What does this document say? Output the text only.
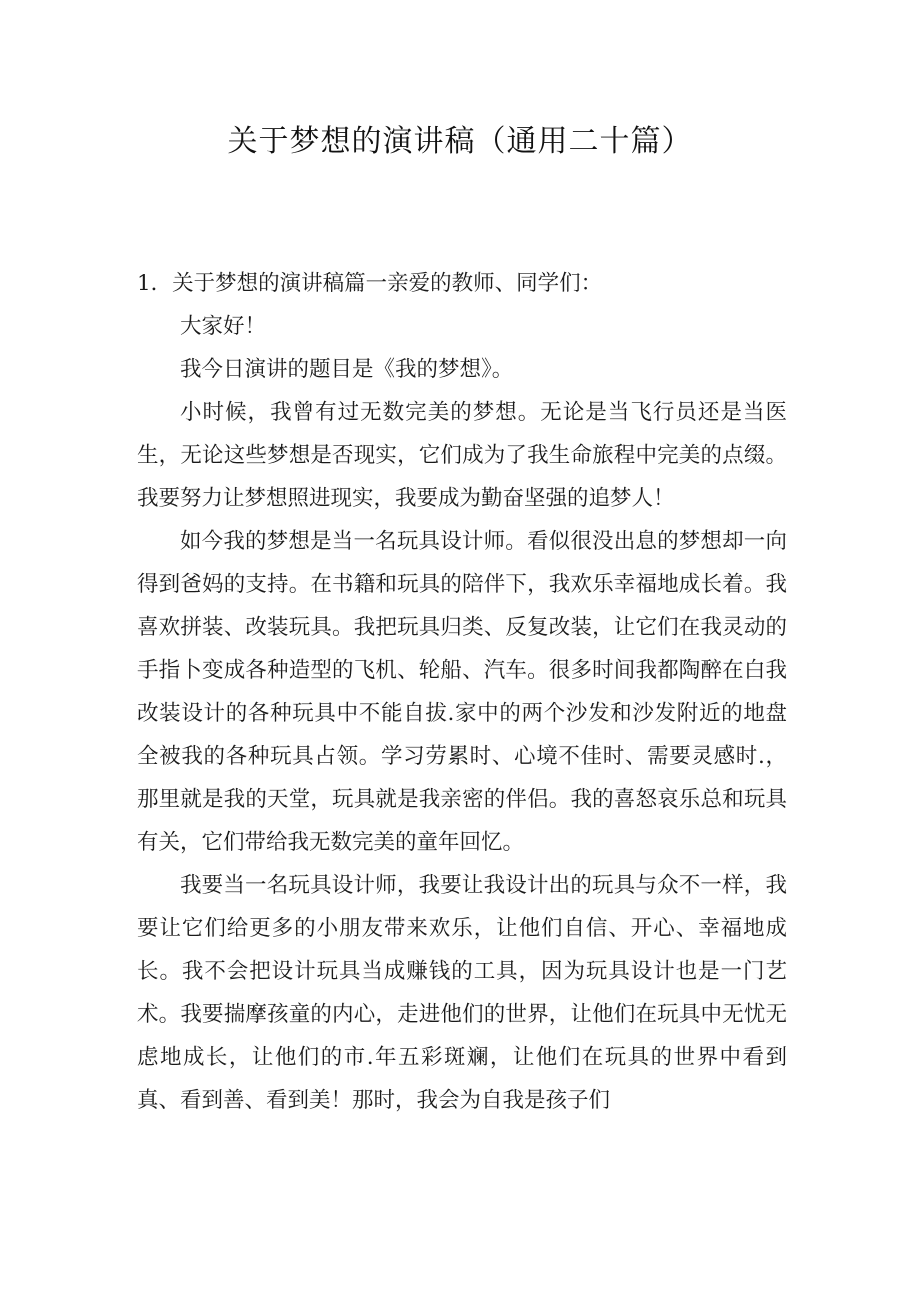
关于梦想的演讲稿（通用二十篇）

1．关于梦想的演讲稿篇一亲爱的教师、同学们：

大家好！

我今日演讲的题目是《我的梦想》。

小时候，我曾有过无数完美的梦想。无论是当飞行员还是当医生，无论这些梦想是否现实，它们成为了我生命旅程中完美的点缀。我要努力让梦想照进现实，我要成为勤奋坚强的追梦人！

如今我的梦想是当一名玩具设计师。看似很没出息的梦想却一向得到爸妈的支持。在书籍和玩具的陪伴下，我欢乐幸福地成长着。我喜欢拼装、改装玩具。我把玩具归类、反复改装，让它们在我灵动的手指卜变成各种造型的飞机、轮船、汽车。很多时间我都陶醉在白我改装设计的各种玩具中不能自拔.家中的两个沙发和沙发附近的地盘全被我的各种玩具占领。学习劳累时、心境不佳时、需要灵感时.，那里就是我的天堂，玩具就是我亲密的伴侣。我的喜怒哀乐总和玩具有关，它们带给我无数完美的童年回忆。

我要当一名玩具设计师，我要让我设计出的玩具与众不一样，我要让它们给更多的小朋友带来欢乐，让他们自信、开心、幸福地成长。我不会把设计玩具当成赚钱的工具，因为玩具设计也是一门艺术。我要揣摩孩童的内心，走进他们的世界，让他们在玩具中无忧无虑地成长，让他们的市.年五彩斑斓，让他们在玩具的世界中看到真、看到善、看到美！那时，我会为自我是孩子们
